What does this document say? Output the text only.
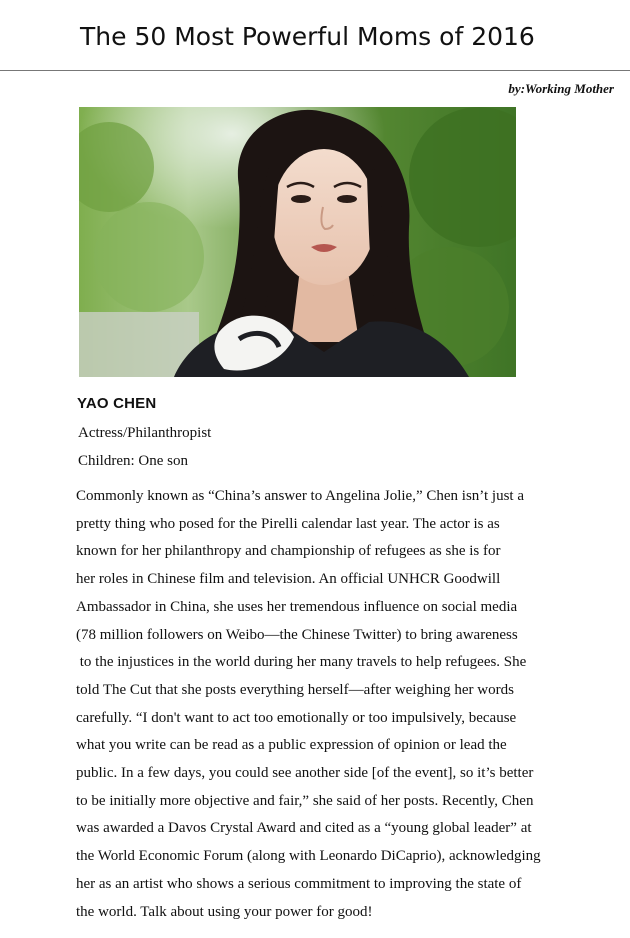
The 50 Most Powerful Moms of 2016
by:Working Mother
YAO CHEN
Actress/Philanthropist
Children: One son
Commonly known as “China’s answer to Angelina Jolie,” Chen isn’t just a
pretty thing who posed for the Pirelli calendar last year. The actor is as
known for her philanthropy and championship of refugees as she is for
her roles in Chinese film and television. An official UNHCR Goodwill
Ambassador in China, she uses her tremendous influence on social media
(78 million followers on Weibo—the Chinese Twitter) to bring awareness
to the injustices in the world during her many travels to help refugees. She
told The Cut that she posts everything herself—after weighing her words
carefully. “I don't want to act too emotionally or too impulsively, because
what you write can be read as a public expression of opinion or lead the
public. In a few days, you could see another side [of the event], so it’s better
to be initially more objective and fair,” she said of her posts. Recently, Chen
was awarded a Davos Crystal Award and cited as a “young global leader” at
the World Economic Forum (along with Leonardo DiCaprio), acknowledging
her as an artist who shows a serious commitment to improving the state of
the world. Talk about using your power for good!
